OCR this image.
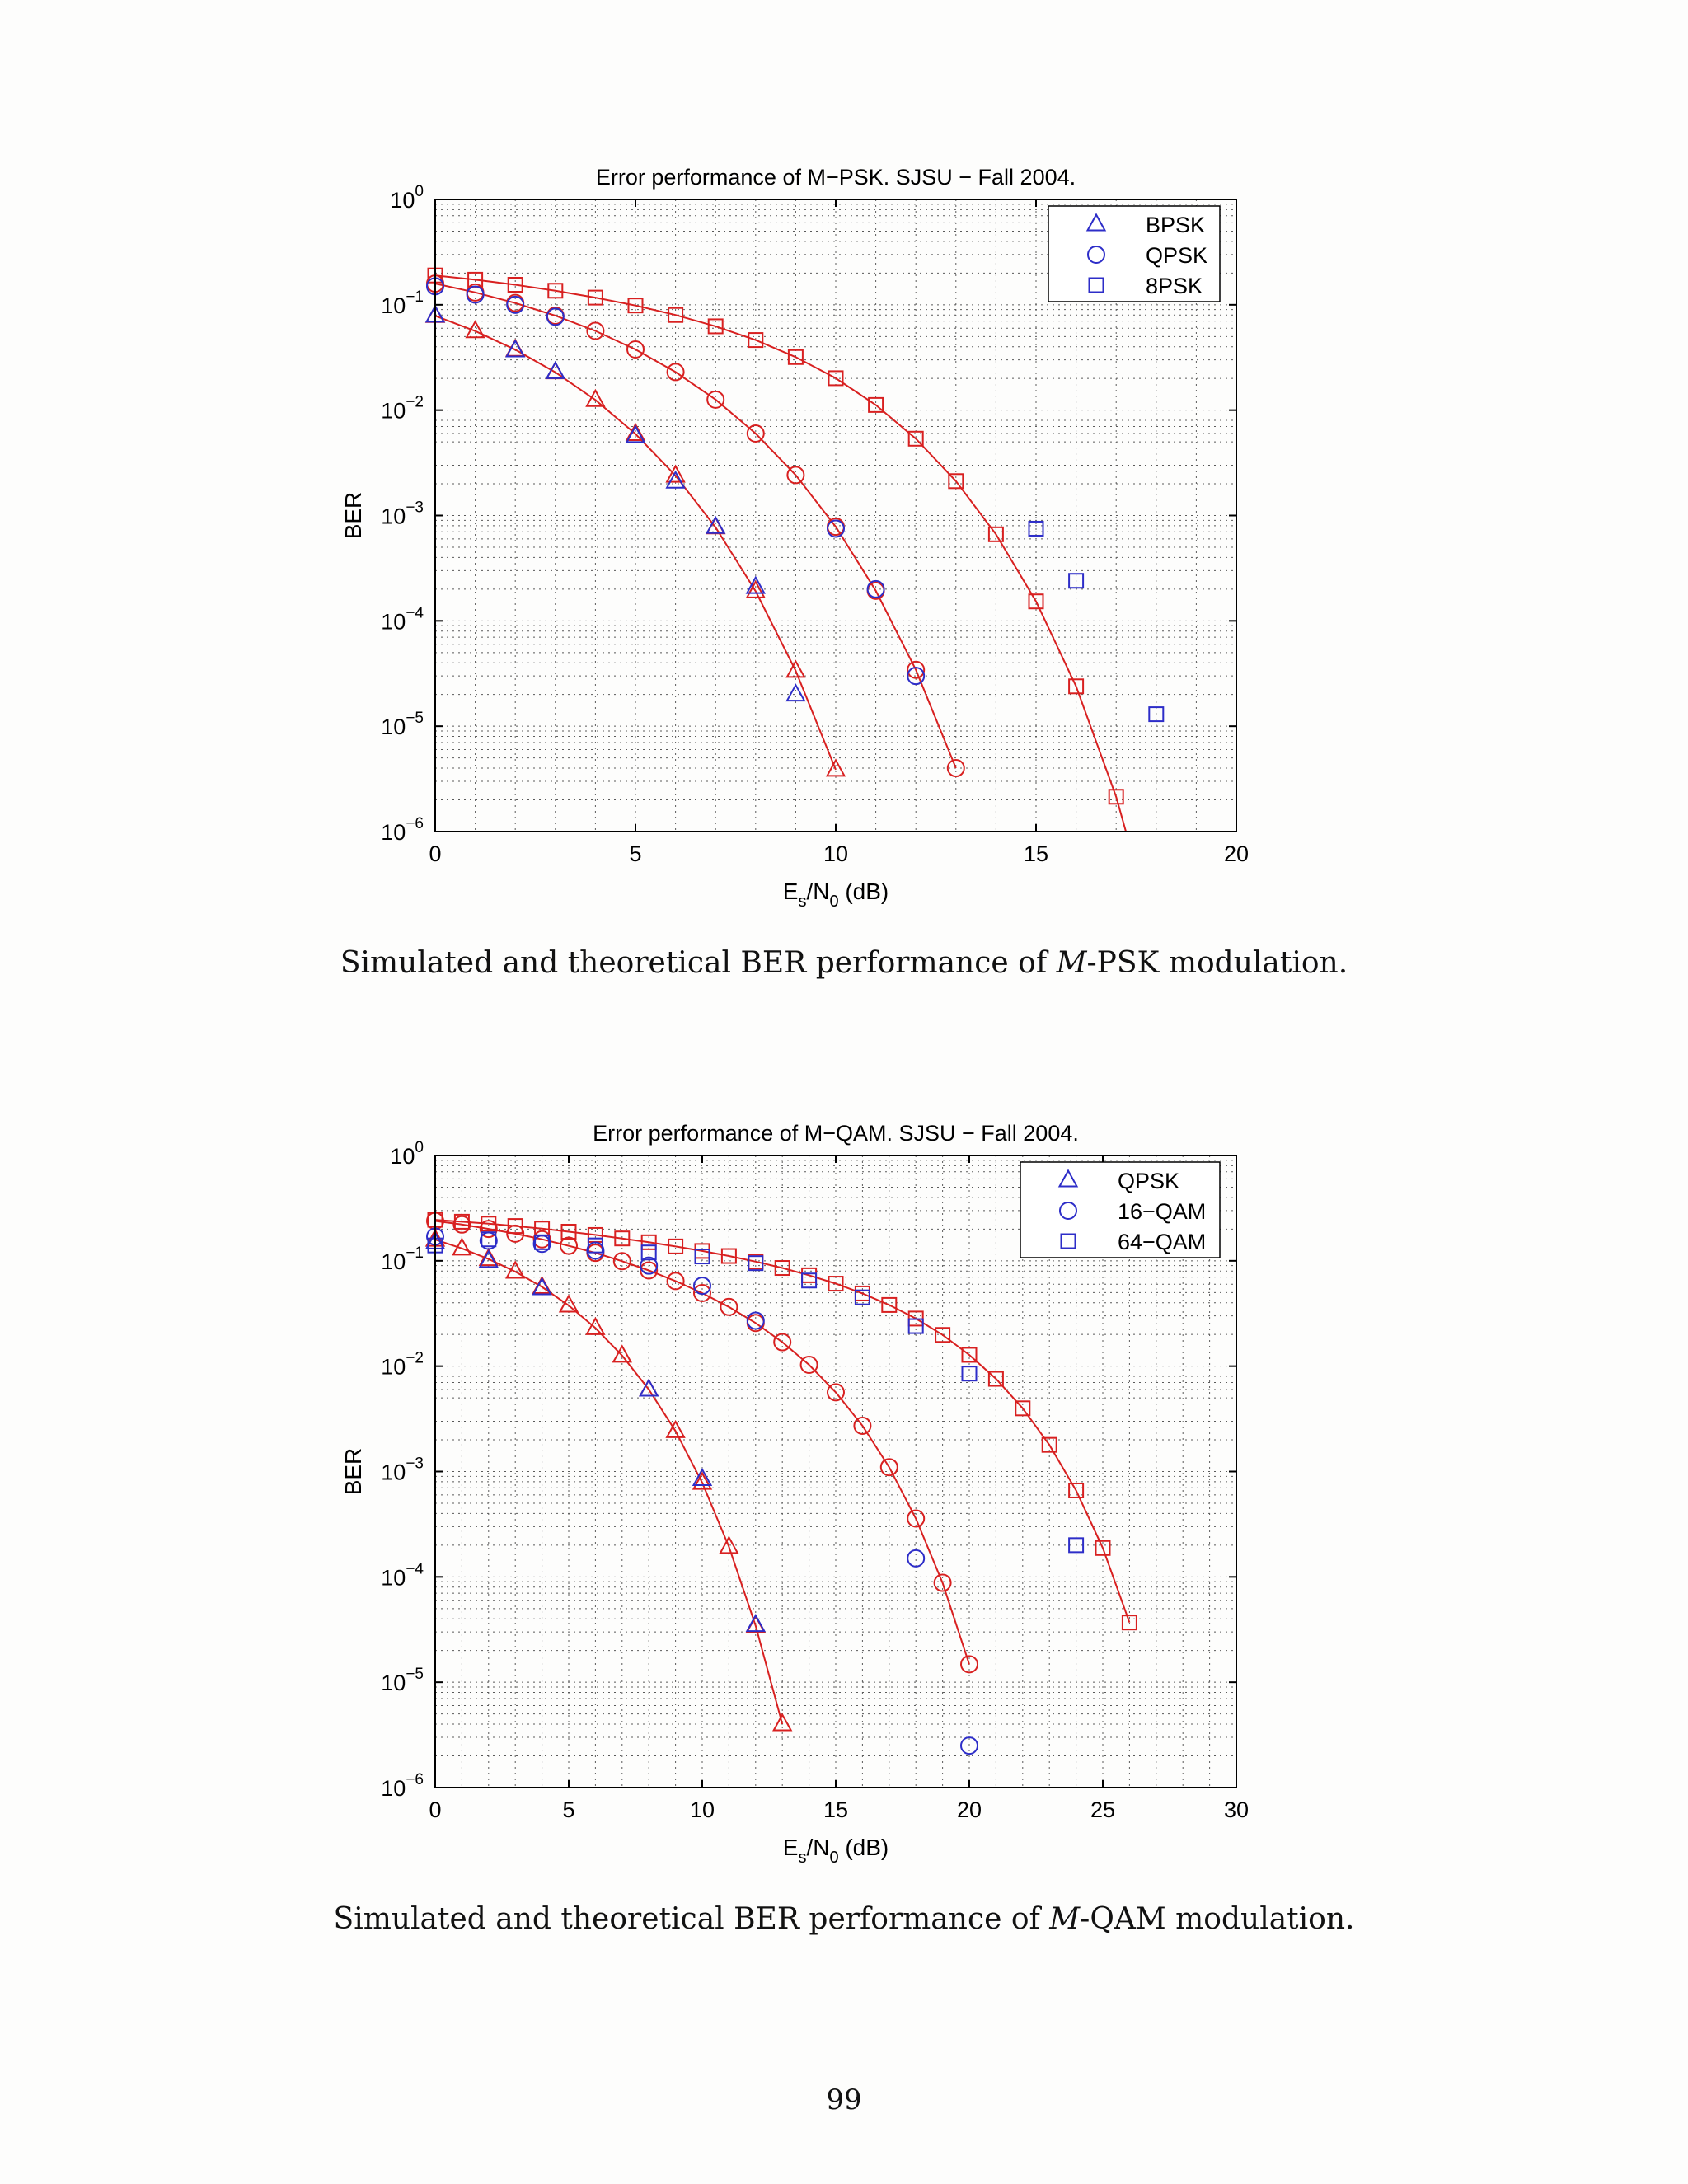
Error performance of M−PSK. SJSU − Fall 2004.
0	5	10	15	20
$10^0$
$10^{-1}$
$10^{-2}$
$10^{-3}$
$10^{-4}$
$10^{-5}$
$10^{-6}$
$E_s/N_0$ (dB)
BER
BPSK
QPSK
8PSK
Simulated and theoretical BER performance of M-PSK modulation.
Error performance of M−QAM. SJSU − Fall 2004.
0	5	10	15	20	25	30
$10^0$
$10^{-1}$
$10^{-2}$
$10^{-3}$
$10^{-4}$
$10^{-5}$
$10^{-6}$
$E_s/N_0$ (dB)
BER
QPSK
16−QAM
64−QAM
Simulated and theoretical BER performance of M-QAM modulation.
99
